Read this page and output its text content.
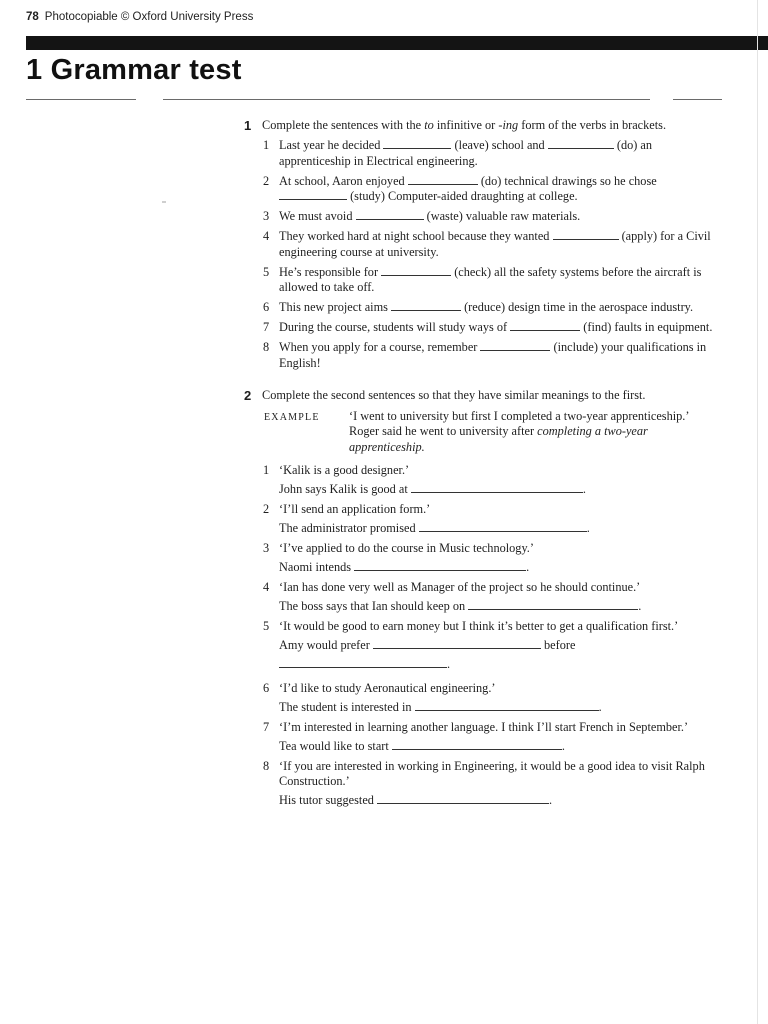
78 Photocopiable © Oxford University Press
1 Grammar test
1 Complete the sentences with the to infinitive or -ing form of the verbs in brackets.
1 Last year he decided	(leave) school and	(do) an apprenticeship in Electrical engineering.
2 At school, Aaron enjoyed	(do) technical drawings so he chose  (study) Computer-aided draughting at college.
3 We must avoid	(waste) valuable raw materials.
4 They worked hard at night school because they wanted	(apply) for a Civil engineering course at university.
5 He’s responsible for	(check) all the safety systems before the aircraft is allowed to take off.
6 This new project aims	(reduce) design time in the aerospace industry.
7 During the course, students will study ways of	(find) faults in equipment.
8 When you apply for a course, remember	(include) your qualifications in English!
2 Complete the second sentences so that they have similar meanings to the first.
EXAMPLE ‘I went to university but first I completed a two-year apprenticeship.’
Roger said he went to university after completing a two-year apprenticeship.
1 ‘Kalik is a good designer.’
John says Kalik is good at	.
2 ‘I’ll send an application form.’
The administrator promised	.
3 ‘I’ve applied to do the course in Music technology.’
Naomi intends	.
4 ‘Ian has done very well as Manager of the project so he should continue.’
The boss says that Ian should keep on	.
5 ‘It would be good to earn money but I think it’s better to get a qualification first.’
Amy would prefer	before
.
6 ‘I’d like to study Aeronautical engineering.’
The student is interested in	.
7 ‘I’m interested in learning another language. I think I’ll start French in September.’
Tea would like to start	.
8 ‘If you are interested in working in Engineering, it would be a good idea to visit Ralph Construction.’
His tutor suggested	.
